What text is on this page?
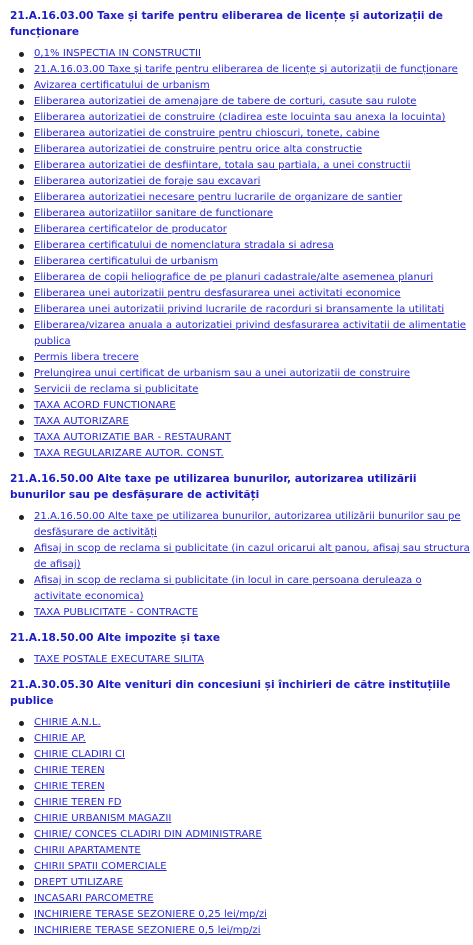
21.A.16.03.00 Taxe și tarife pentru eliberarea de licențe și autorizații de funcționare
0,1% INSPECTIA IN CONSTRUCTII
21.A.16.03.00 Taxe și tarife pentru eliberarea de licențe și autorizații de funcționare
Avizarea certificatului de urbanism
Eliberarea autorizatiei de amenajare de tabere de corturi, casute sau rulote
Eliberarea autorizatiei de construire (cladirea este locuinta sau anexa la locuinta)
Eliberarea autorizatiei de construire pentru chioscuri, tonete, cabine
Eliberarea autorizatiei de construire pentru orice alta constructie
Eliberarea autorizatiei de desfiintare, totala sau partiala, a unei constructii
Eliberarea autorizatiei de foraje sau excavari
Eliberarea autorizatiei necesare pentru lucrarile de organizare de santier
Eliberarea autorizatiilor sanitare de functionare
Eliberarea certificatelor de producator
Eliberarea certificatului de nomenclatura stradala si adresa
Eliberarea certificatului de urbanism
Eliberarea de copii heliografice de pe planuri cadastrale/alte asemenea planuri
Eliberarea unei autorizatii pentru desfasurarea unei activitati economice
Eliberarea unei autorizatii privind lucrarile de racorduri si bransamente la utilitati
Eliberarea/vizarea anuala a autorizatiei privind desfasurarea activitatii de alimentatie publica
Permis libera trecere
Prelungirea unui certificat de urbanism sau a unei autorizatii de construire
Servicii de reclama si publicitate
TAXA ACORD FUNCTIONARE
TAXA AUTORIZARE
TAXA AUTORIZATIE BAR - RESTAURANT
TAXA REGULARIZARE AUTOR. CONST.
21.A.16.50.00 Alte taxe pe utilizarea bunurilor, autorizarea utilizării bunurilor sau pe desfășurare de activități
21.A.16.50.00 Alte taxe pe utilizarea bunurilor, autorizarea utilizării bunurilor sau pe desfășurare de activități
Afisaj in scop de reclama si publicitate (in cazul oricarui alt panou, afisaj sau structura de afisaj)
Afisaj in scop de reclama si publicitate (in locul in care persoana deruleaza o activitate economica)
TAXA PUBLICITATE - CONTRACTE
21.A.18.50.00 Alte impozite și taxe
TAXE POSTALE EXECUTARE SILITA
21.A.30.05.30 Alte venituri din concesiuni și închirieri de către instituțiile publice
CHIRIE A.N.L.
CHIRIE AP.
CHIRIE CLADIRI CI
CHIRIE TEREN
CHIRIE TEREN
CHIRIE TEREN FD
CHIRIE URBANISM MAGAZII
CHIRIE/ CONCES CLADIRI DIN ADMINISTRARE
CHIRII APARTAMENTE
CHIRII SPATII COMERCIALE
DREPT UTILIZARE
INCASARI PARCOMETRE
INCHIRIERE TERASE SEZONIERE 0,25 lei/mp/zi
INCHIRIERE TERASE SEZONIERE 0,5 lei/mp/zi
